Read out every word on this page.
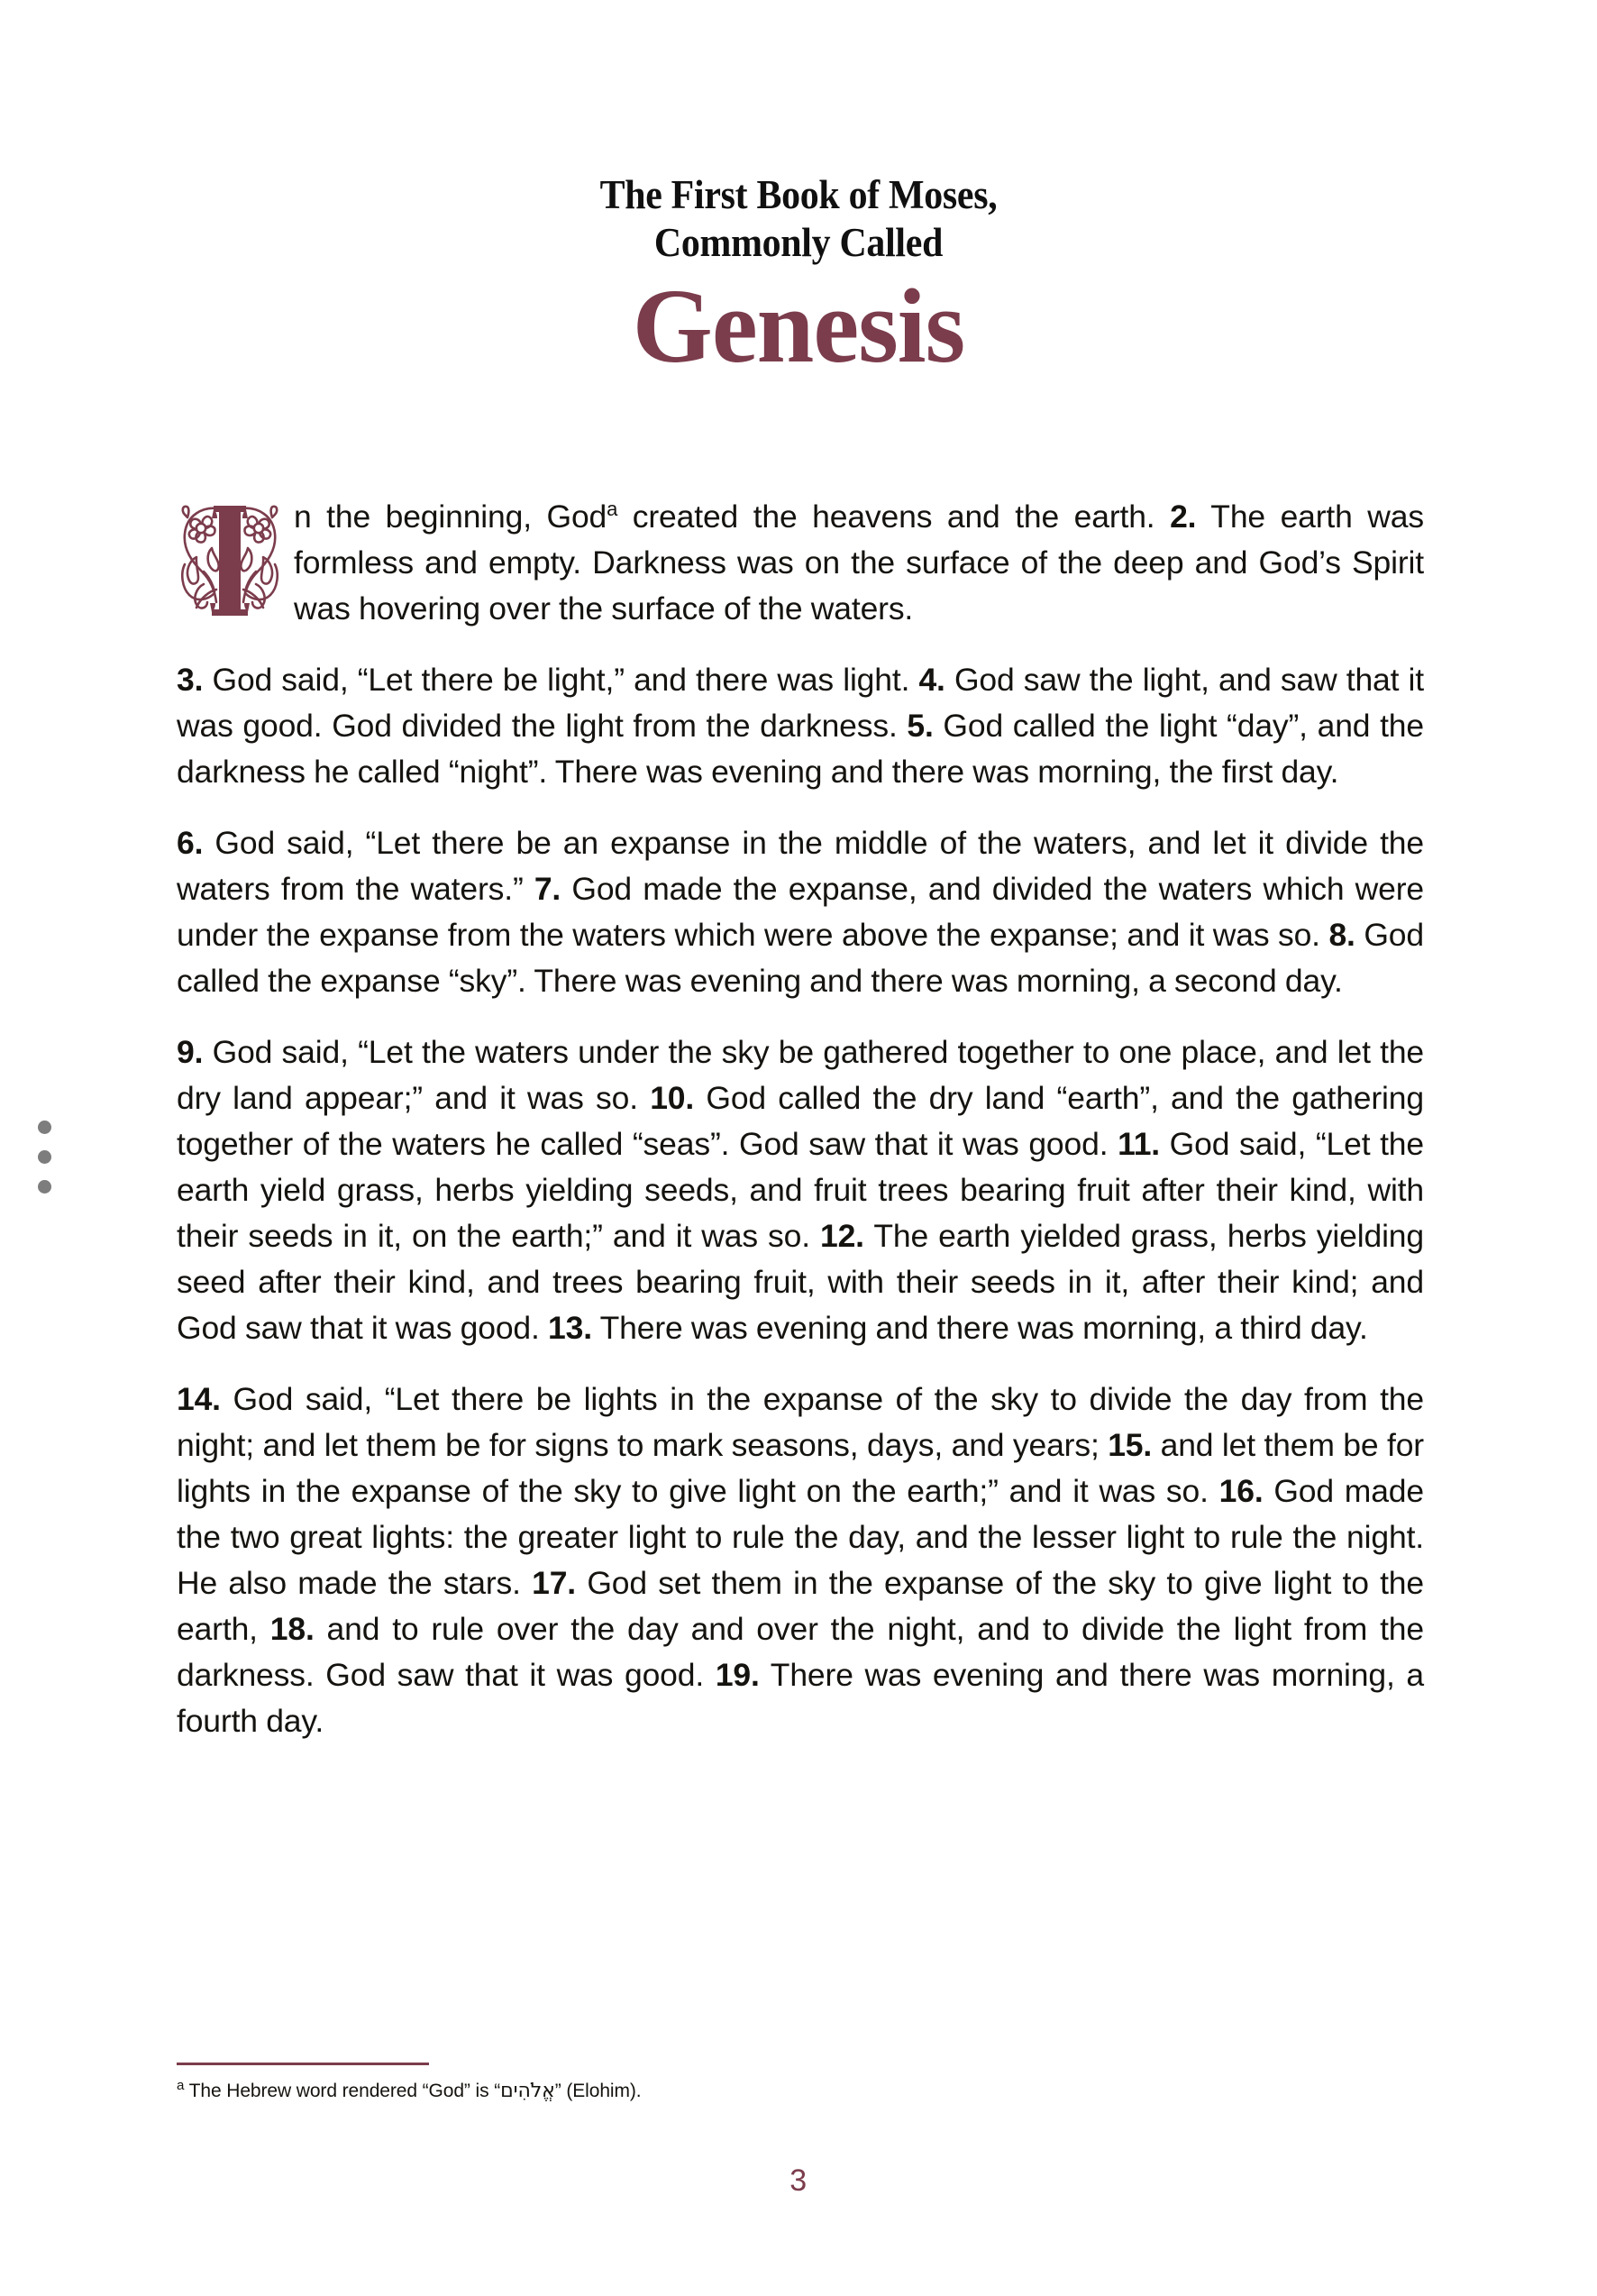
The First Book of Moses,
Commonly Called
Genesis

n the beginning, God$^a$ created the heavens and the earth. 2. The earth was formless and empty. Darkness was on the surface of the deep and God’s Spirit was hovering over the surface of the waters.

3. God said, “Let there be light,” and there was light. 4. God saw the light, and saw that it was good. God divided the light from the darkness. 5. God called the light “day”, and the darkness he called “night”. There was evening and there was morning, the first day.

6. God said, “Let there be an expanse in the middle of the waters, and let it divide the waters from the waters.” 7. God made the expanse, and divided the waters which were under the expanse from the waters which were above the expanse; and it was so. 8. God called the expanse “sky”. There was evening and there was morning, a second day.

9. God said, “Let the waters under the sky be gathered together to one place, and let the dry land appear;” and it was so. 10. God called the dry land “earth”, and the gathering together of the waters he called “seas”. God saw that it was good. 11. God said, “Let the earth yield grass, herbs yielding seeds, and fruit trees bearing fruit after their kind, with their seeds in it, on the earth;” and it was so. 12. The earth yielded grass, herbs yielding seed after their kind, and trees bearing fruit, with their seeds in it, after their kind; and God saw that it was good. 13. There was evening and there was morning, a third day.

14. God said, “Let there be lights in the expanse of the sky to divide the day from the night; and let them be for signs to mark seasons, days, and years; 15. and let them be for lights in the expanse of the sky to give light on the earth;” and it was so. 16. God made the two great lights: the greater light to rule the day, and the lesser light to rule the night. He also made the stars. 17. God set them in the expanse of the sky to give light to the earth, 18. and to rule over the day and over the night, and to divide the light from the darkness. God saw that it was good. 19. There was evening and there was morning, a fourth day.

$^a$ The Hebrew word rendered “God” is “אֱלֹהִים” (Elohim).
3
